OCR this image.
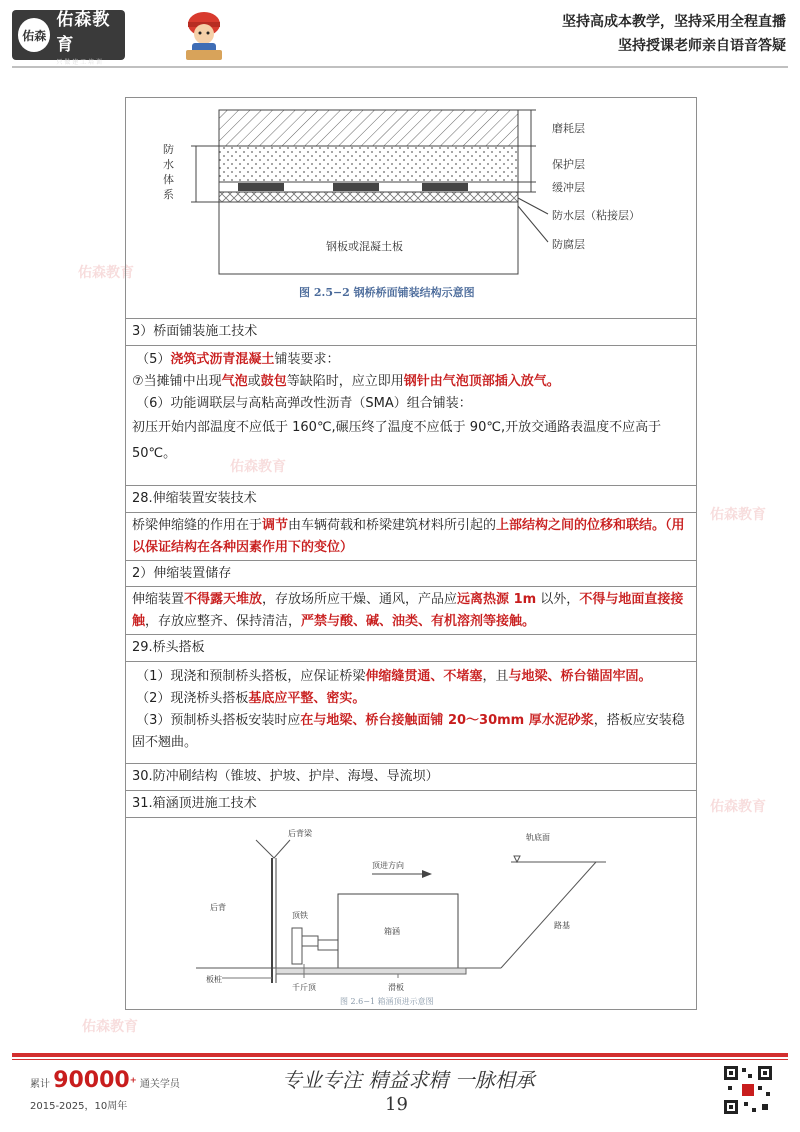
佑森
佑森教育
只 做 建 工 培 训
坚持高成本教学，坚持采用全程直播
坚持授课老师亲自语音答疑
佑森教育
佑森教育
佑森教育
佑森教育
佑森教育
钢板或混凝土板
防水体系
磨耗层
保护层
缓冲层
防水层（粘接层）
防腐层
图 2.5−2 钢桥桥面铺装结构示意图
3）桥面铺装施工技术
（5）浇筑式沥青混凝土铺装要求：
⑦当摊铺中出现气泡或鼓包等缺陷时，应立即用钢针由气泡顶部插入放气。
（6）功能调联层与高粘高弹改性沥青（SMA）组合铺装：
初压开始内部温度不应低于 160℃,碾压终了温度不应低于 90℃,开放交通路表温度不应高于 50℃。
28.伸缩装置安装技术
桥梁伸缩缝的作用在于调节由车辆荷载和桥梁建筑材料所引起的上部结构之间的位移和联结。（用以保证结构在各种因素作用下的变位）
2）伸缩装置储存
伸缩装置不得露天堆放，存放场所应干燥、通风，产品应远离热源 1m 以外，不得与地面直接接触，存放应整齐、保持清洁，严禁与酸、碱、油类、有机溶剂等接触。
29.桥头搭板
（1）现浇和预制桥头搭板，应保证桥梁伸缩缝贯通、不堵塞，且与地梁、桥台锚固牢固。
（2）现浇桥头搭板基底应平整、密实。
（3）预制桥头搭板安装时应在与地梁、桥台接触面铺 20～30mm 厚水泥砂浆，搭板应安装稳固不翘曲。
30.防冲刷结构（锥坡、护坡、护岸、海墁、导流坝）
31.箱涵顶进施工技术
后背梁
后背
轨底面
顶进方向
顶铁
箱涵
路基
板桩
千斤顶	滑板
图 2.6−1 箱涵顶进示意图
累计 90000+ 通关学员
2015-2025，10周年
专业专注 精益求精 一脉相承
19
